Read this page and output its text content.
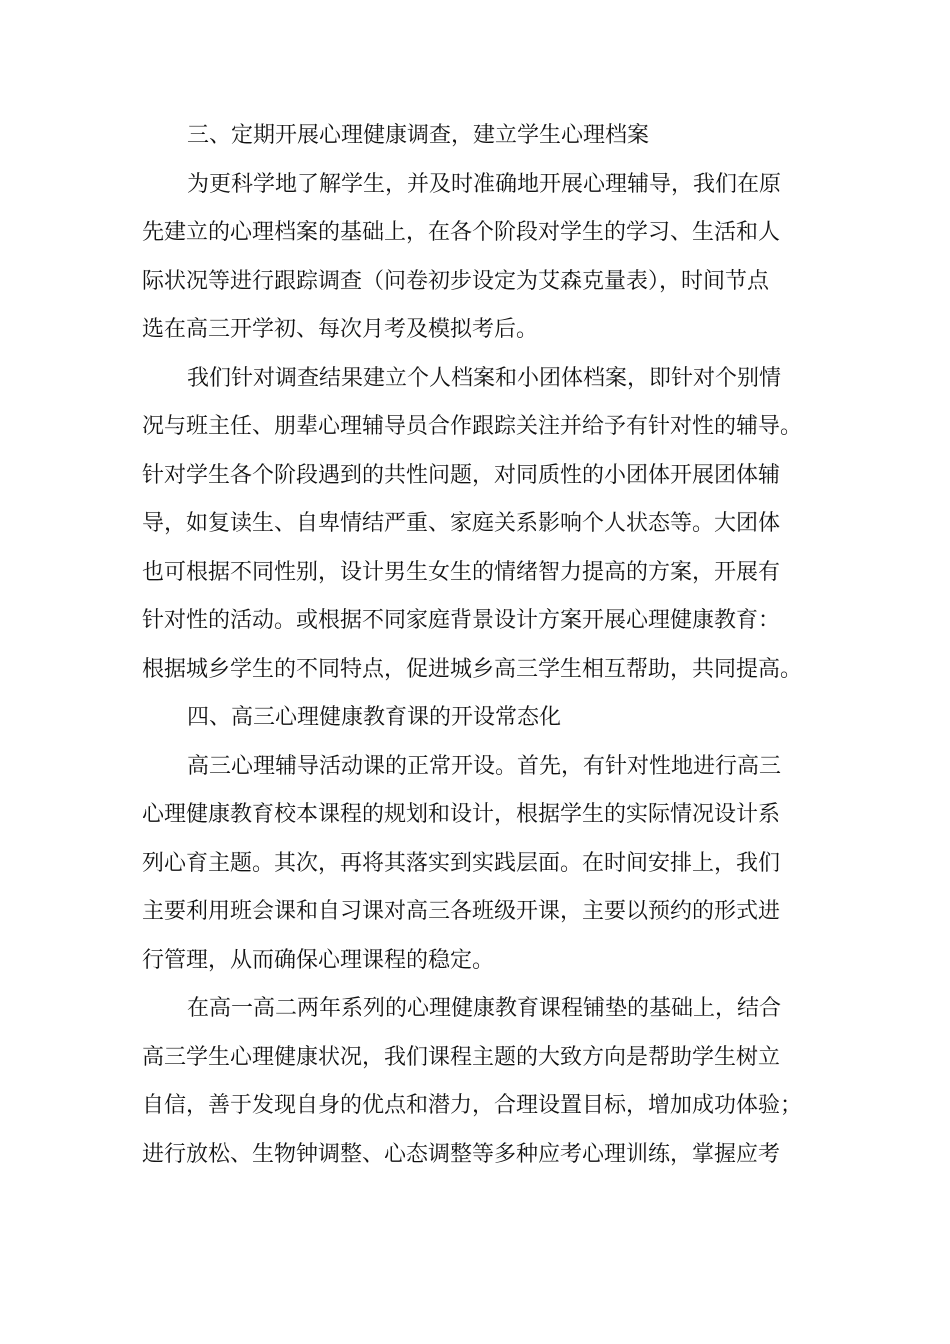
三、定期开展心理健康调查，建立学生心理档案
为更科学地了解学生，并及时准确地开展心理辅导，我们在原
先建立的心理档案的基础上，在各个阶段对学生的学习、生活和人
际状况等进行跟踪调查（问卷初步设定为艾森克量表），时间节点
选在高三开学初、每次月考及模拟考后。
我们针对调查结果建立个人档案和小团体档案，即针对个别情
况与班主任、朋辈心理辅导员合作跟踪关注并给予有针对性的辅导。
针对学生各个阶段遇到的共性问题，对同质性的小团体开展团体辅
导，如复读生、自卑情结严重、家庭关系影响个人状态等。大团体
也可根据不同性别，设计男生女生的情绪智力提高的方案，开展有
针对性的活动。或根据不同家庭背景设计方案开展心理健康教育：
根据城乡学生的不同特点，促进城乡高三学生相互帮助，共同提高。
四、高三心理健康教育课的开设常态化
高三心理辅导活动课的正常开设。首先，有针对性地进行高三
心理健康教育校本课程的规划和设计，根据学生的实际情况设计系
列心育主题。其次，再将其落实到实践层面。在时间安排上，我们
主要利用班会课和自习课对高三各班级开课，主要以预约的形式进
行管理，从而确保心理课程的稳定。
在高一高二两年系列的心理健康教育课程铺垫的基础上，结合
高三学生心理健康状况，我们课程主题的大致方向是帮助学生树立
自信，善于发现自身的优点和潜力，合理设置目标，增加成功体验；
进行放松、生物钟调整、心态调整等多种应考心理训练，掌握应考
